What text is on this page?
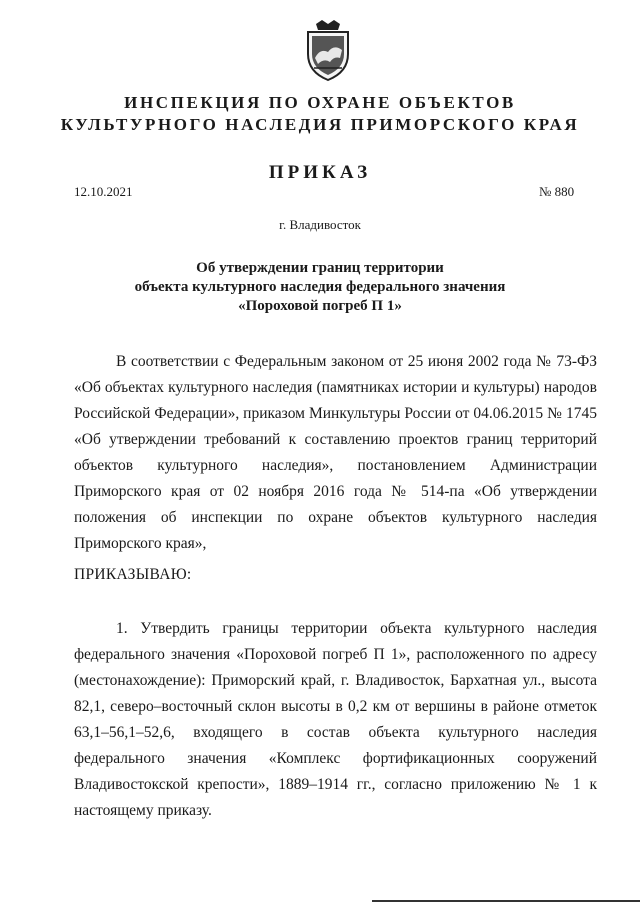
ИНСПЕКЦИЯ ПО ОХРАНЕ ОБЪЕКТОВ
КУЛЬТУРНОГО НАСЛЕДИЯ ПРИМОРСКОГО КРАЯ
ПРИКАЗ
12.10.2021	№ 880
г. Владивосток
Об утверждении границ территории
объекта культурного наследия федерального значения
«Пороховой погреб П 1»

В соответствии с Федеральным законом от 25 июня 2002 года № 73-ФЗ «Об объектах культурного наследия (памятниках истории и культуры) народов Российской Федерации», приказом Минкультуры России от 04.06.2015 № 1745 «Об утверждении требований к составлению проектов границ территорий объектов культурного наследия», постановлением Администрации Приморского края от 02 ноября 2016 года № 514-па «Об утверждении положения об инспекции по охране объектов культурного наследия Приморского края»,

ПРИКАЗЫВАЮ:

1. Утвердить границы территории объекта культурного наследия федерального значения «Пороховой погреб П 1», расположенного по адресу (местонахождение): Приморский край, г. Владивосток, Бархатная ул., высота 82,1, северо–восточный склон высоты в 0,2 км от вершины в районе отметок 63,1–56,1–52,6, входящего в состав объекта культурного наследия федерального значения «Комплекс фортификационных сооружений Владивостокской крепости», 1889–1914 гг., согласно приложению № 1 к настоящему приказу.
